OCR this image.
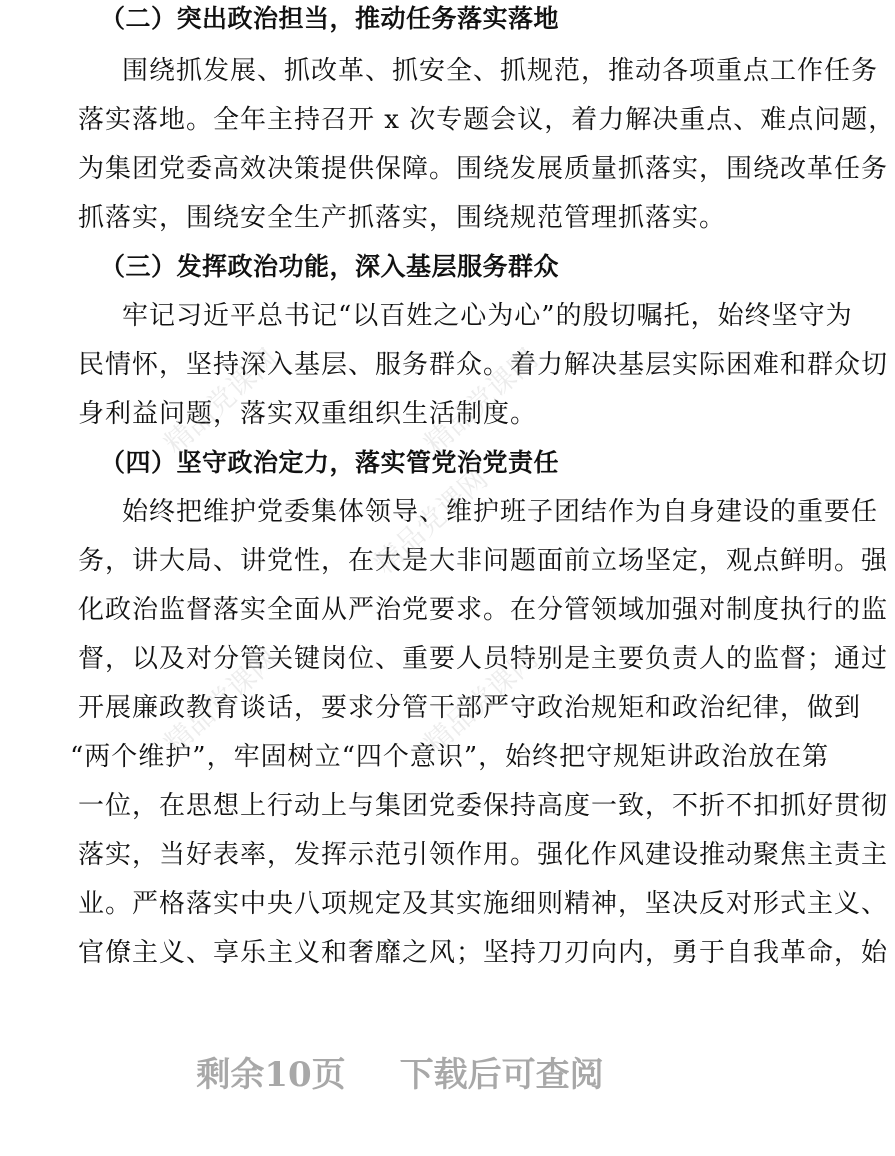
（二）突出政治担当，推动任务落实落地

围绕抓发展、抓改革、抓安全、抓规范，推动各项重点工作任务

落实落地。全年主持召开 x 次专题会议，着力解决重点、难点问题，

为集团党委高效决策提供保障。围绕发展质量抓落实，围绕改革任务

抓落实，围绕安全生产抓落实，围绕规范管理抓落实。

（三）发挥政治功能，深入基层服务群众

牢记习近平总书记“以百姓之心为心”的殷切嘱托，始终坚守为

民情怀，坚持深入基层、服务群众。着力解决基层实际困难和群众切

身利益问题，落实双重组织生活制度。

（四）坚守政治定力，落实管党治党责任

始终把维护党委集体领导、维护班子团结作为自身建设的重要任

务，讲大局、讲党性，在大是大非问题面前立场坚定，观点鲜明。强

化政治监督落实全面从严治党要求。在分管领域加强对制度执行的监

督，以及对分管关键岗位、重要人员特别是主要负责人的监督；通过

开展廉政教育谈话，要求分管干部严守政治规矩和政治纪律，做到

“两个维护”，牢固树立“四个意识”，始终把守规矩讲政治放在第

一位，在思想上行动上与集团党委保持高度一致，不折不扣抓好贯彻

落实，当好表率，发挥示范引领作用。强化作风建设推动聚焦主责主

业。严格落实中央八项规定及其实施细则精神，坚决反对形式主义、

官僚主义、享乐主义和奢靡之风；坚持刀刃向内，勇于自我革命，始

精品党课网	精品党课网
精品党课网
精品党课网	精品党课网
剩余10页 下载后可查阅
